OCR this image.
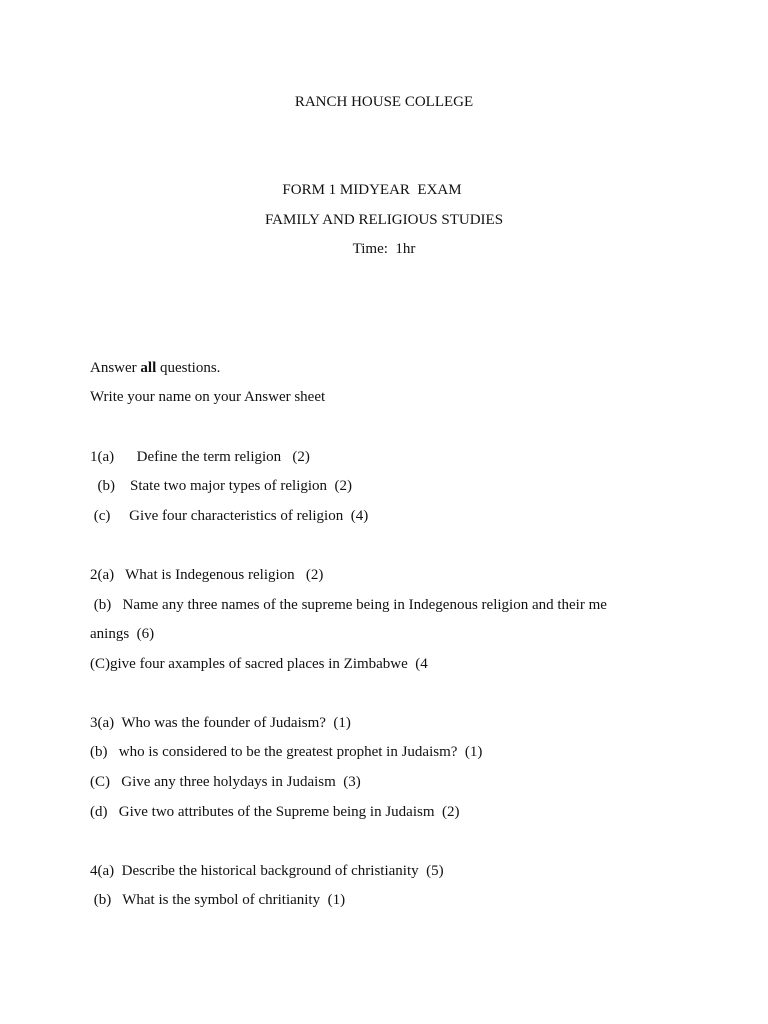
RANCH HOUSE COLLEGE
FORM 1 MIDYEAR  EXAM
FAMILY AND RELIGIOUS STUDIES
Time:  1hr
Answer all questions.
Write your name on your Answer sheet
1(a)      Define the term religion   (2)
(b)    State two major types of religion  (2)
(c)     Give four characteristics of religion  (4)
2(a)   What is Indegenous religion   (2)
(b)   Name any three names of the supreme being in Indegenous religion and their me
anings  (6)
(C)give four axamples of sacred places in Zimbabwe  (4
3(a)  Who was the founder of Judaism?  (1)
(b)   who is considered to be the greatest prophet in Judaism?  (1)
(C)   Give any three holydays in Judaism  (3)
(d)   Give two attributes of the Supreme being in Judaism  (2)
4(a)  Describe the historical background of christianity  (5)
(b)   What is the symbol of chritianity  (1)
